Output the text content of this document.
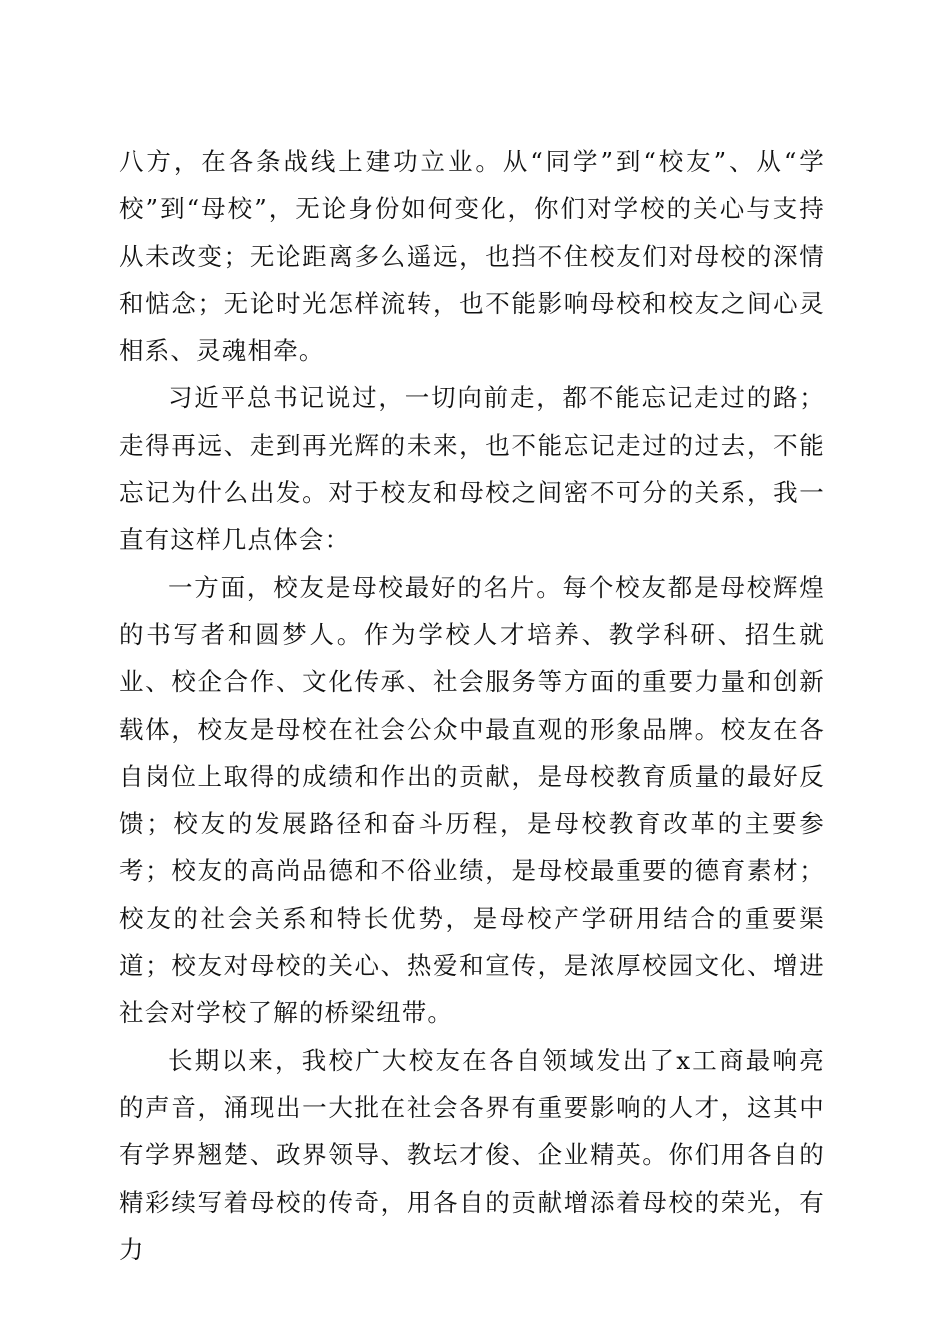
八方，在各条战线上建功立业。从“同学”到“校友”、从“学校”到“母校”，无论身份如何变化，你们对学校的关心与支持从未改变；无论距离多么遥远，也挡不住校友们对母校的深情和惦念；无论时光怎样流转，也不能影响母校和校友之间心灵相系、灵魂相牵。

习近平总书记说过，一切向前走，都不能忘记走过的路；走得再远、走到再光辉的未来，也不能忘记走过的过去，不能忘记为什么出发。对于校友和母校之间密不可分的关系，我一直有这样几点体会：

一方面，校友是母校最好的名片。每个校友都是母校辉煌的书写者和圆梦人。作为学校人才培养、教学科研、招生就业、校企合作、文化传承、社会服务等方面的重要力量和创新载体，校友是母校在社会公众中最直观的形象品牌。校友在各自岗位上取得的成绩和作出的贡献，是母校教育质量的最好反馈；校友的发展路径和奋斗历程，是母校教育改革的主要参考；校友的高尚品德和不俗业绩，是母校最重要的德育素材；校友的社会关系和特长优势，是母校产学研用结合的重要渠道；校友对母校的关心、热爱和宣传，是浓厚校园文化、增进社会对学校了解的桥梁纽带。

长期以来，我校广大校友在各自领域发出了x工商最响亮的声音，涌现出一大批在社会各界有重要影响的人才，这其中有学界翘楚、政界领导、教坛才俊、企业精英。你们用各自的精彩续写着母校的传奇，用各自的贡献增添着母校的荣光，有力
